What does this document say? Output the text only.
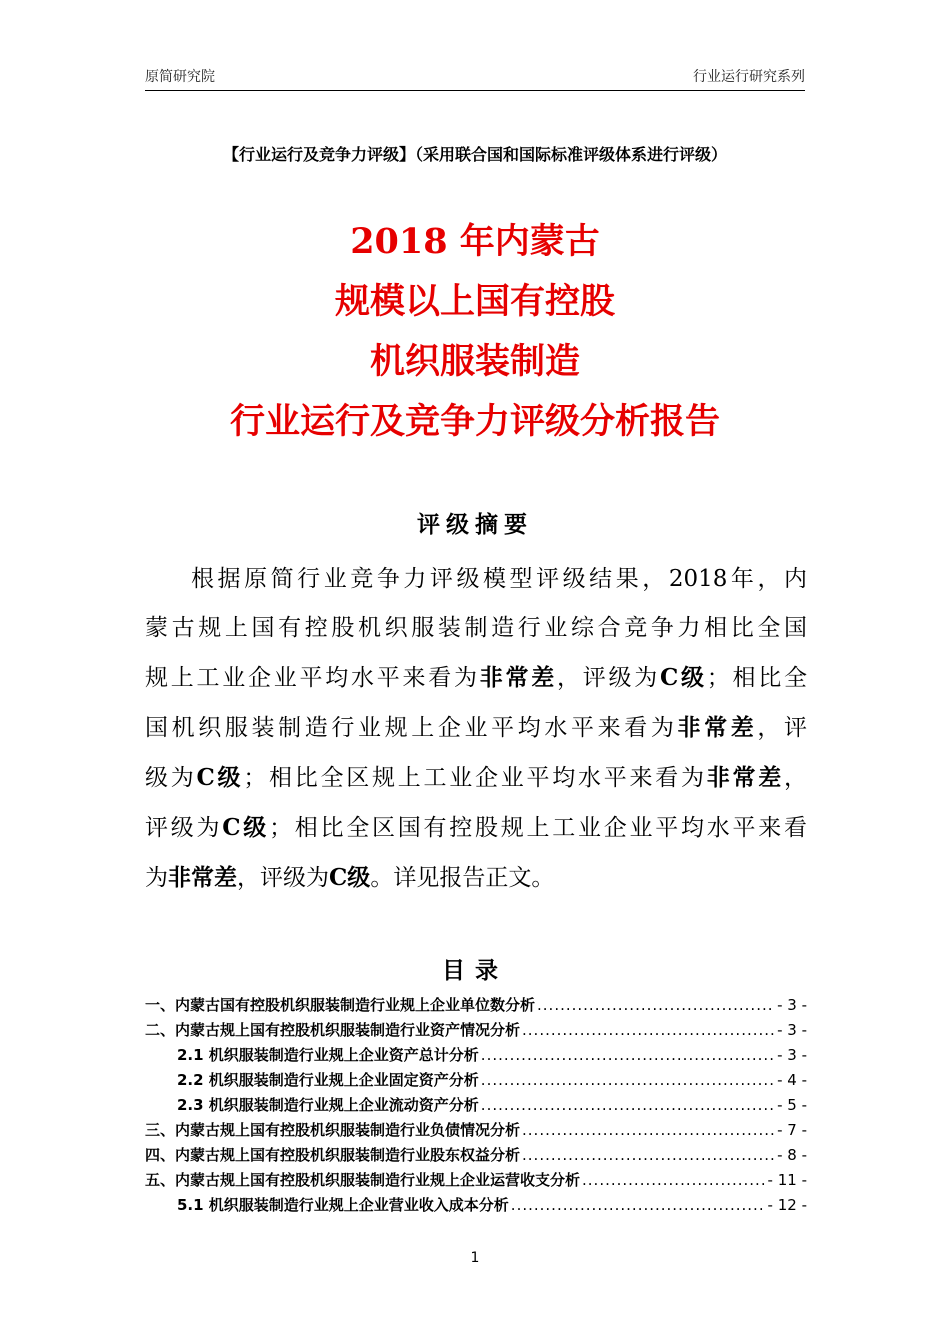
原简研究院	行业运行研究系列
【行业运行及竞争力评级】（采用联合国和国际标准评级体系进行评级）
2018 年内蒙古
规模以上国有控股
机织服装制造
行业运行及竞争力评级分析报告
评级摘要
根据原简行业竞争力评级模型评级结果，2018年，内
蒙古规上国有控股机织服装制造行业综合竞争力相比全国
规上工业企业平均水平来看为非常差，评级为C级；相比全
国机织服装制造行业规上企业平均水平来看为非常差，评
级为C级；相比全区规上工业企业平均水平来看为非常差，
评级为C级；相比全区国有控股规上工业企业平均水平来看
为非常差，评级为C级。详见报告正文。
目录
一、内蒙古国有控股机织服装制造行业规上企业单位数分析 .....	- 3 -
二、内蒙古规上国有控股机织服装制造行业资产情况分析 .....	- 3 -
2.1 机织服装制造行业规上企业资产总计分析 .....	- 3 -
2.2 机织服装制造行业规上企业固定资产分析 .....	- 4 -
2.3 机织服装制造行业规上企业流动资产分析 .....	- 5 -
三、内蒙古规上国有控股机织服装制造行业负债情况分析 .....	- 7 -
四、内蒙古规上国有控股机织服装制造行业股东权益分析 .....	- 8 -
五、内蒙古规上国有控股机织服装制造行业规上企业运营收支分析 .....	- 11 -
5.1 机织服装制造行业规上企业营业收入成本分析 .....	- 12 -
1
